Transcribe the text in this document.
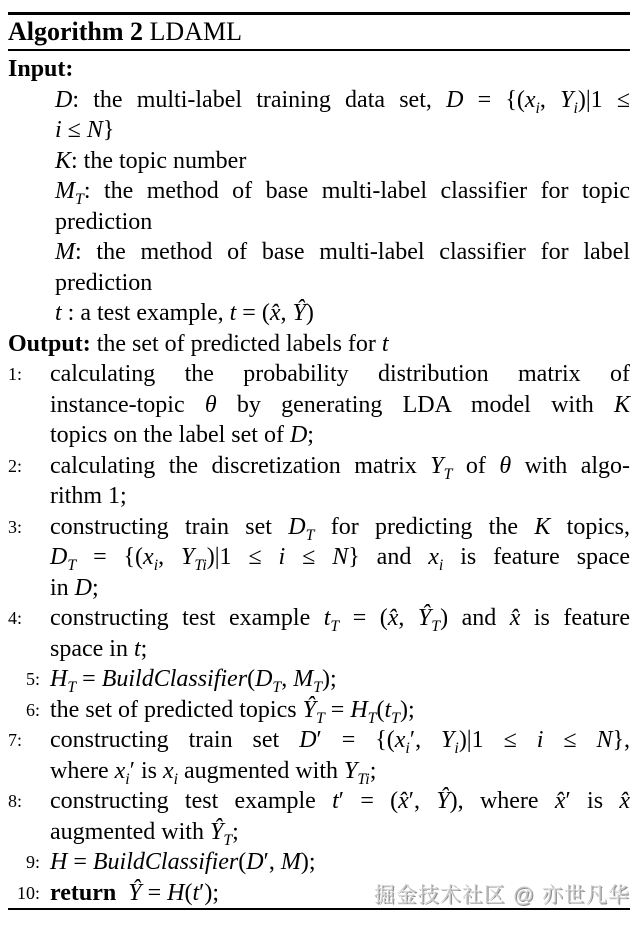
Algorithm 2 LDAML
Input:
D: the multi-label training data set, $D = \{(x_i$, $Y_i)|1$ ≤
i ≤ N}
K: the topic number
$M_T$: the method of base multi-label classifier for topic
prediction
M: the method of base multi-label classifier for label
prediction
t : a test example, t = (x̂, Ŷ)
Output: the set of predicted labels for t
1:	calculating the probability distribution matrix of
instance-topic θ by generating LDA model with K
topics on the label set of D;
2:	calculating the discretization matrix $Y_T$ of θ with algo-
rithm 1;
3:	constructing train set $D_T$ for predicting the K topics,
$D_T = \{(x_i$, $Y_{Ti})|1 \le i \le N$} and $x_i$ is feature space
in D;
4:	constructing test example $t_T$ = (x̂, $Ŷ_T$) and x̂ is feature
space in t;
5: $H_T$ = $BuildClassifier(D_T$, $M_T$);
6: the set of predicted topics $Ŷ_T = H_T(t_T)$;
7:	constructing train set $D' = \{(x_i'$, $Y_i)|1 \le i \le N$},
where $x_i'$ is $x_i$ augmented with $Y_{Ti}$;
8:	constructing test example t′ = (x̂′, Ŷ), where x̂′ is x̂
augmented with $Ŷ_T$;
9: H = BuildClassifier(D′, M);
10: return Ŷ = H(t′);	掘金技术社区 @ 亦世凡华
